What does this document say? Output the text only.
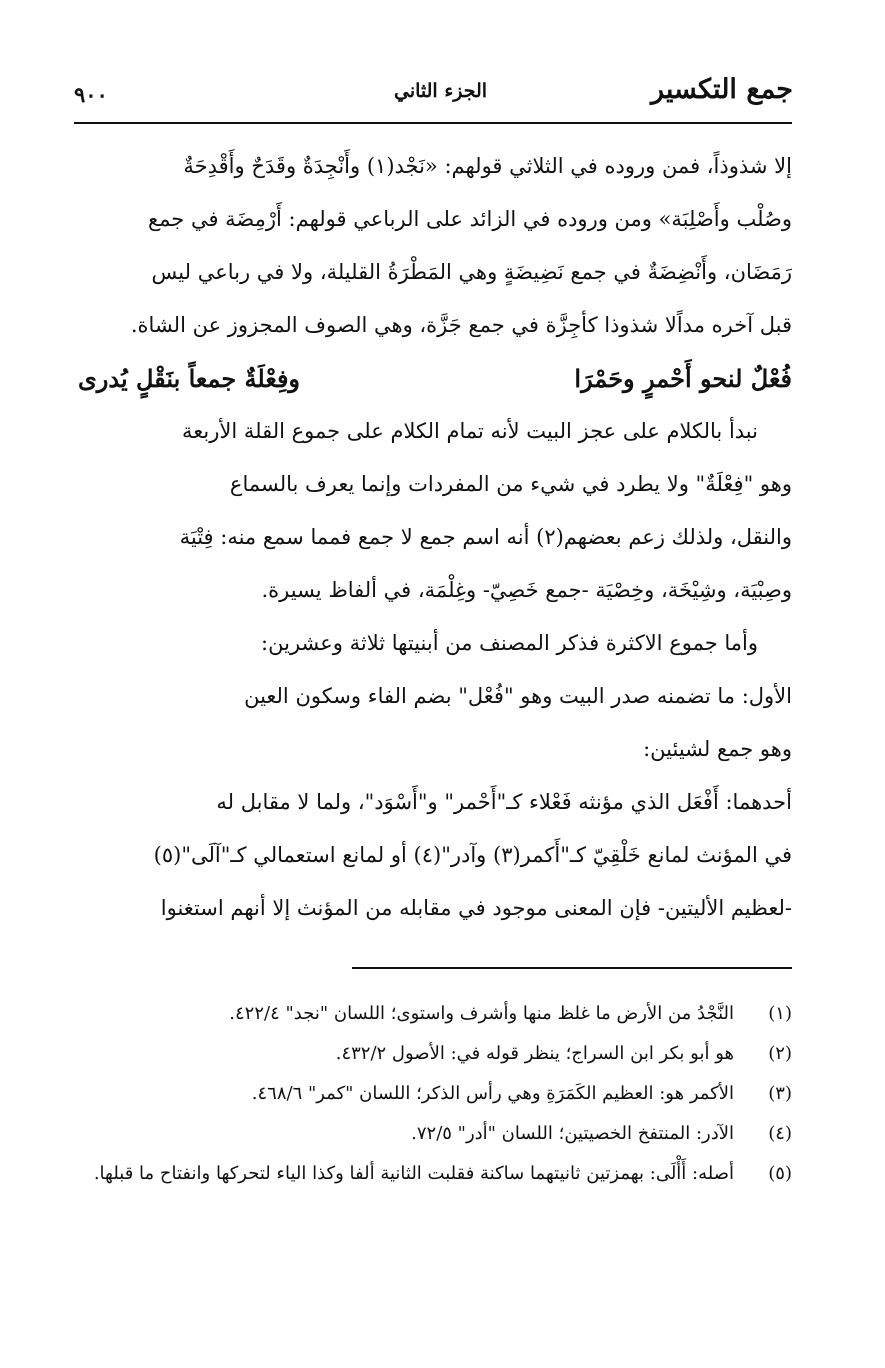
جمع التكسير
الجزء الثاني
٩٠٠
إلا شذوذاً، فمن وروده في الثلاثي قولهم: «نَجْد(١) وأَنْجِدَةٌ وقَدَحٌ وأَقْدِحَةٌ
وصُلْب وأَصْلِبَة» ومن وروده في الزائد على الرباعي قولهم: أَرْمِضَة في جمع
رَمَضَان، وأَنْضِضَةٌ في جمع نَضِيضَةٍ وهي المَطْرَةُ القليلة، ولا في رباعي ليس
قبل آخره مداًلا شذوذا كأجِزَّة في جمع جَزَّة، وهي الصوف المجزوز عن الشاة.
فُعْلٌ لنحو أَحْمرٍ وحَمْرَا
وفِعْلَةٌ جمعاً بنَقْلٍ يُدرى
نبدأ بالكلام على عجز البيت لأنه تمام الكلام على جموع القلة الأربعة
وهو "فِعْلَةٌ" ولا يطرد في شيء من المفردات وإنما يعرف بالسماع
والنقل، ولذلك زعم بعضهم(٢) أنه اسم جمع لا جمع فمما سمع منه: فِتْيَة
وصِبْيَة، وشِيْخَة، وخِصْيَة -جمع خَصِيّ- وغِلْمَة، في ألفاظ يسيرة.
وأما جموع الاكثرة فذكر المصنف من أبنيتها ثلاثة وعشرين:
الأول: ما تضمنه صدر البيت وهو "فُعْل" بضم الفاء وسكون العين
وهو جمع لشيئين:
أحدهما: أَفْعَل الذي مؤنثه فَعْلاء كـ"أَحْمر" و"أَسْوَد"، ولما لا مقابل له
في المؤنث لمانع خَلْقِيّ كـ"أَكمر(٣) وآدر"(٤) أو لمانع استعمالي كـ"آلَى"(٥)
-لعظيم الأليتين- فإن المعنى موجود في مقابله من المؤنث إلا أنهم استغنوا
(١)
النَّجْدُ من الأرض ما غلظ منها وأشرف واستوى؛ اللسان "نجد" ٤٢٢/٤.
(٢)
هو أبو بكر ابن السراج؛ ينظر قوله في: الأصول ٤٣٢/٢.
(٣)
الأكمر هو: العظيم الكَمَرَةِ وهي رأس الذكر؛ اللسان "كمر" ٤٦٨/٦.
(٤)
الآدر: المنتفخ الخصيتين؛ اللسان "أدر" ٧٢/٥.
(٥)
أصله: أَأْلَى: بهمزتين ثانيتهما ساكنة فقلبت الثانية ألفا وكذا الياء لتحركها وانفتاح ما قبلها.
